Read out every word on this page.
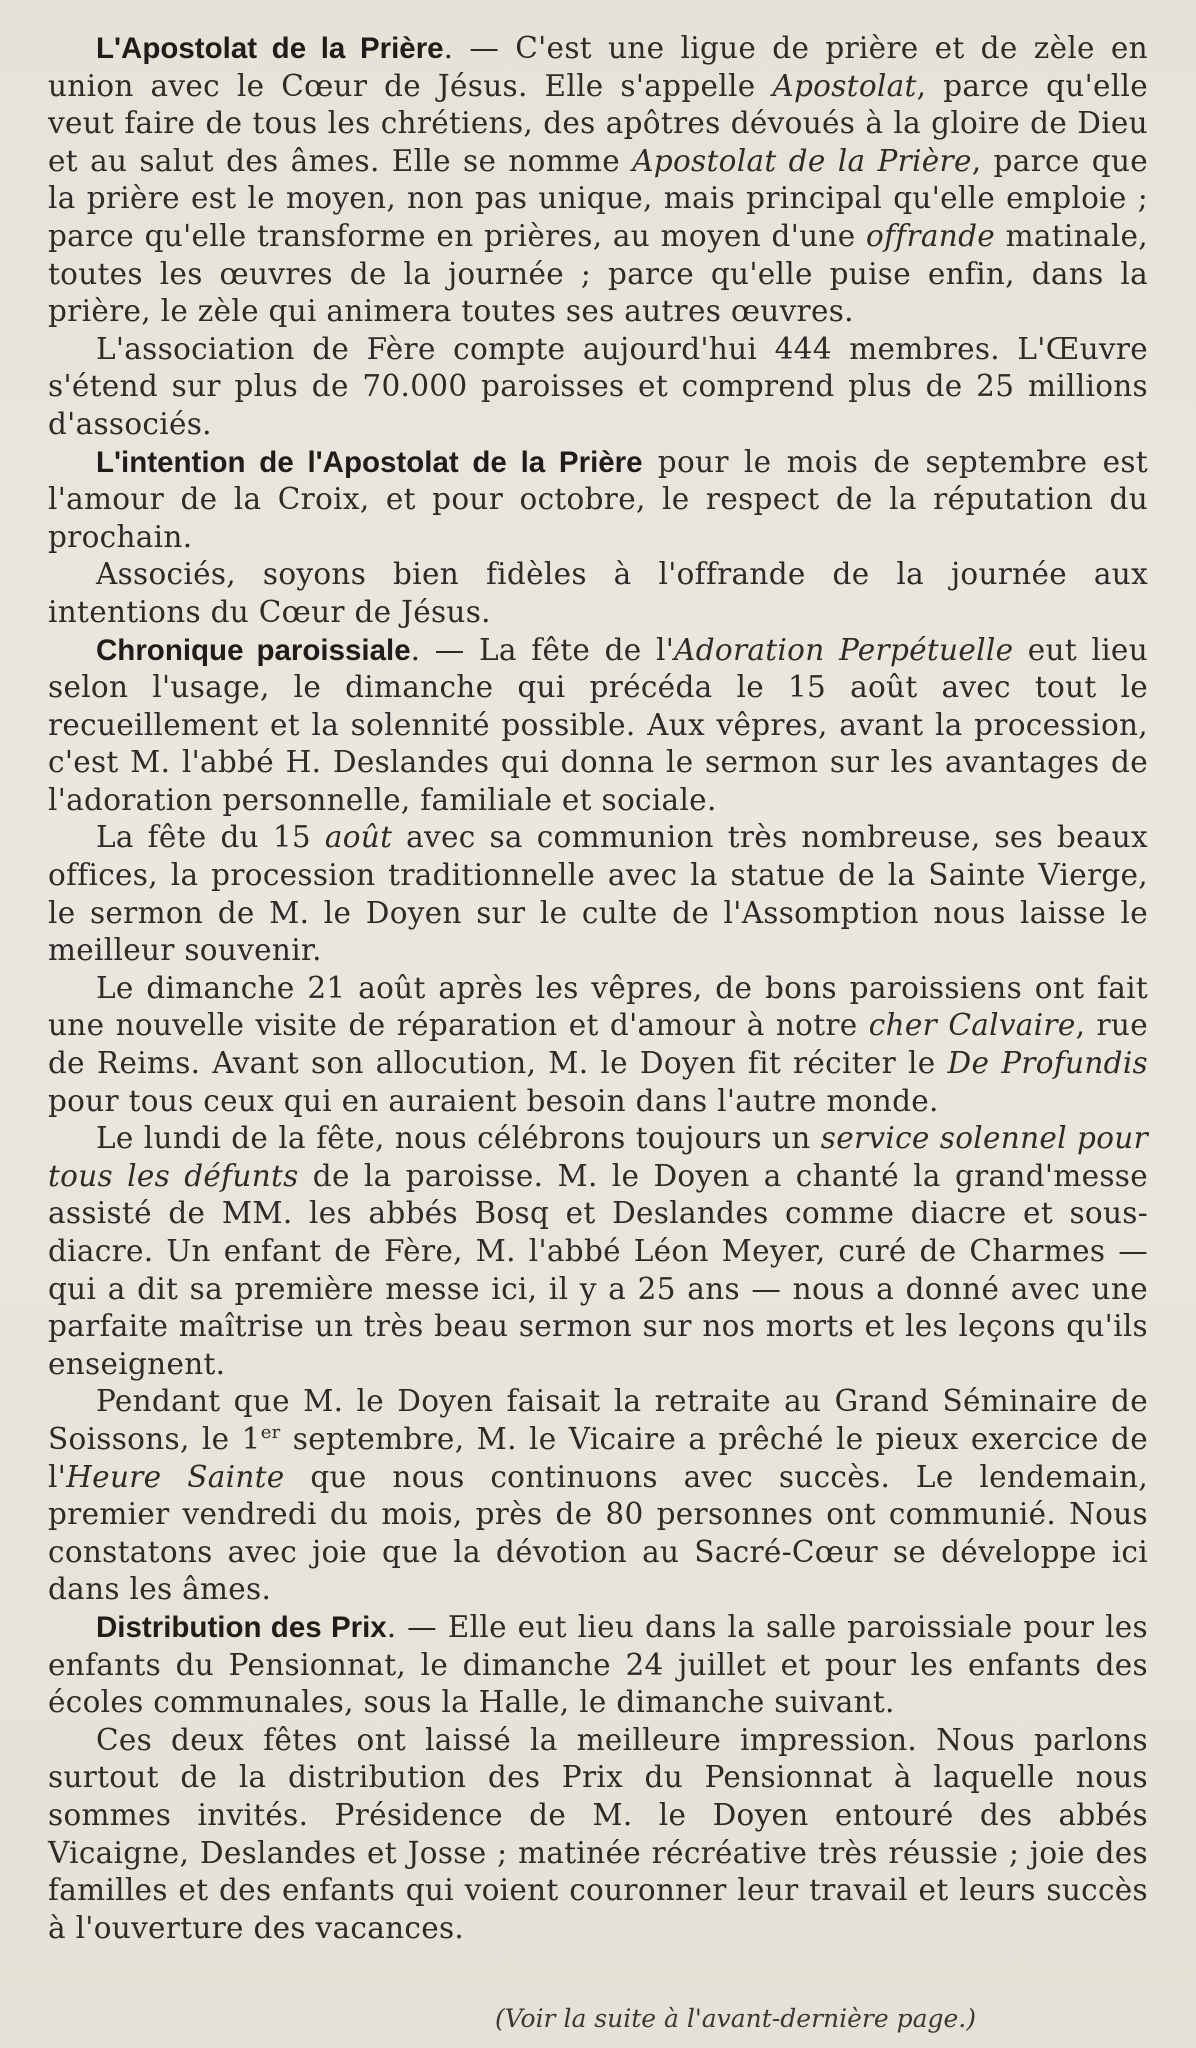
L'Apostolat de la Prière. — C'est une ligue de prière et de zèle en union avec le Cœur de Jésus. Elle s'appelle Apostolat, parce qu'elle veut faire de tous les chrétiens, des apôtres dévoués à la gloire de Dieu et au salut des âmes. Elle se nomme Apostolat de la Prière, parce que la prière est le moyen, non pas unique, mais principal qu'elle emploie ; parce qu'elle transforme en prières, au moyen d'une offrande matinale, toutes les œuvres de la journée ; parce qu'elle puise enfin, dans la prière, le zèle qui animera toutes ses autres œuvres.

L'association de Fère compte aujourd'hui 444 membres. L'Œuvre s'étend sur plus de 70.000 paroisses et comprend plus de 25 millions d'associés.

L'intention de l'Apostolat de la Prière pour le mois de septembre est l'amour de la Croix, et pour octobre, le respect de la réputation du prochain.

Associés, soyons bien fidèles à l'offrande de la journée aux intentions du Cœur de Jésus.

Chronique paroissiale. — La fête de l'Adoration Perpétuelle eut lieu selon l'usage, le dimanche qui précéda le 15 août avec tout le recueillement et la solennité possible. Aux vêpres, avant la procession, c'est M. l'abbé H. Deslandes qui donna le sermon sur les avantages de l'adoration personnelle, familiale et sociale.

La fête du 15 août avec sa communion très nombreuse, ses beaux offices, la procession traditionnelle avec la statue de la Sainte Vierge, le sermon de M. le Doyen sur le culte de l'Assomption nous laisse le meilleur souvenir.

Le dimanche 21 août après les vêpres, de bons paroissiens ont fait une nouvelle visite de réparation et d'amour à notre cher Calvaire, rue de Reims. Avant son allocution, M. le Doyen fit réciter le De Profundis pour tous ceux qui en auraient besoin dans l'autre monde.

Le lundi de la fête, nous célébrons toujours un service solennel pour tous les défunts de la paroisse. M. le Doyen a chanté la grand'messe assisté de MM. les abbés Bosq et Deslandes comme diacre et sous-diacre. Un enfant de Fère, M. l'abbé Léon Meyer, curé de Charmes — qui a dit sa première messe ici, il y a 25 ans — nous a donné avec une parfaite maîtrise un très beau sermon sur nos morts et les leçons qu'ils enseignent.

Pendant que M. le Doyen faisait la retraite au Grand Séminaire de Soissons, le 1er septembre, M. le Vicaire a prêché le pieux exercice de l'Heure Sainte que nous continuons avec succès. Le lendemain, premier vendredi du mois, près de 80 personnes ont communié. Nous constatons avec joie que la dévotion au Sacré-Cœur se développe ici dans les âmes.

Distribution des Prix. — Elle eut lieu dans la salle paroissiale pour les enfants du Pensionnat, le dimanche 24 juillet et pour les enfants des écoles communales, sous la Halle, le dimanche suivant.

Ces deux fêtes ont laissé la meilleure impression. Nous parlons surtout de la distribution des Prix du Pensionnat à laquelle nous sommes invités. Présidence de M. le Doyen entouré des abbés Vicaigne, Deslandes et Josse ; matinée récréative très réussie ; joie des familles et des enfants qui voient couronner leur travail et leurs succès à l'ouverture des vacances.

(Voir la suite à l'avant-dernière page.)
